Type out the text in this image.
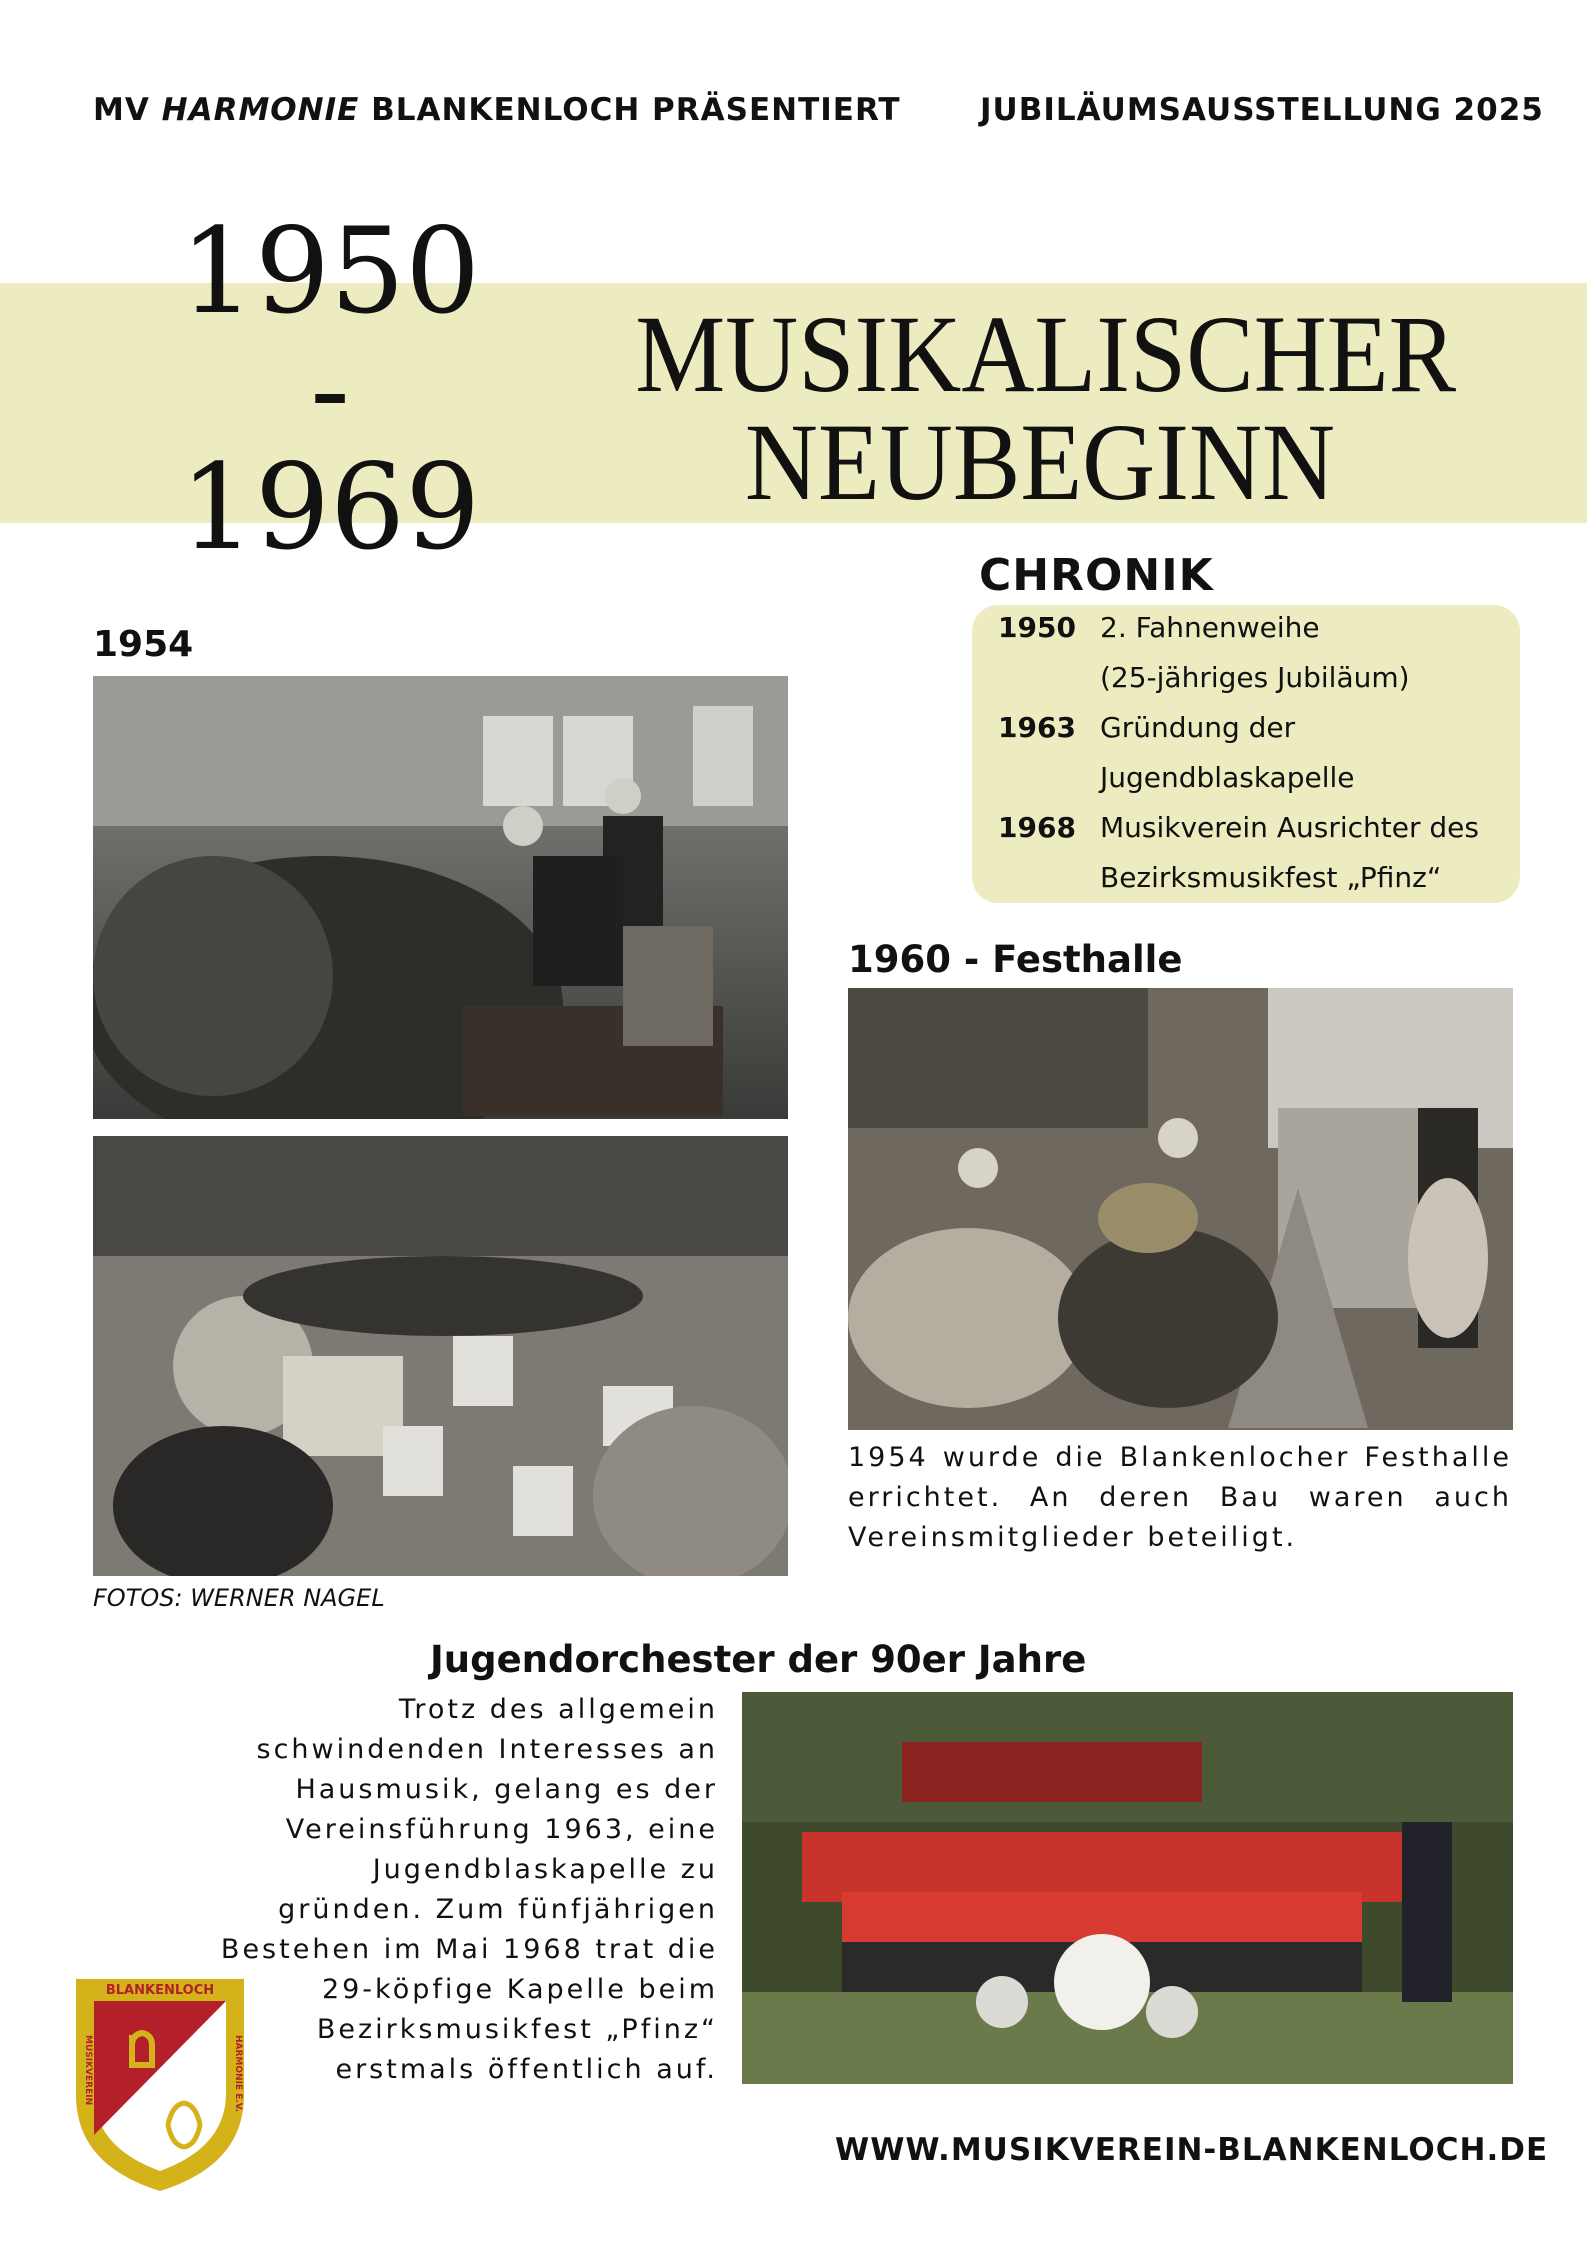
MV HARMONIE BLANKENLOCH PRÄSENTIERT	JUBILÄUMSAUSSTELLUNG 2025
1950
-
1969
MUSIKALISCHER
NEUBEGINN
CHRONIK
1950 2. Fahnenweihe
(25-jähriges Jubiläum)
1963 Gründung der
Jugendblaskapelle
1968 Musikverein Ausrichter des
Bezirksmusikfest „Pfinz“
1954
FOTOS: WERNER NAGEL
1960 - Festhalle
1954 wurde die Blankenlocher Festhalle errichtet. An deren Bau waren auch Vereinsmitglieder beteiligt.
Jugendorchester der 90er Jahre
Trotz des allgemein
schwindenden Interesses an
Hausmusik, gelang es der
Vereinsführung 1963, eine
Jugendblaskapelle zu
gründen. Zum fünfjährigen
Bestehen im Mai 1968 trat die
29-köpfige Kapelle beim
Bezirksmusikfest „Pfinz“
erstmals öffentlich auf.
BLANKENLOCH
MUSIKVEREIN	HARMONIE E.V.
WWW.MUSIKVEREIN-BLANKENLOCH.DE
